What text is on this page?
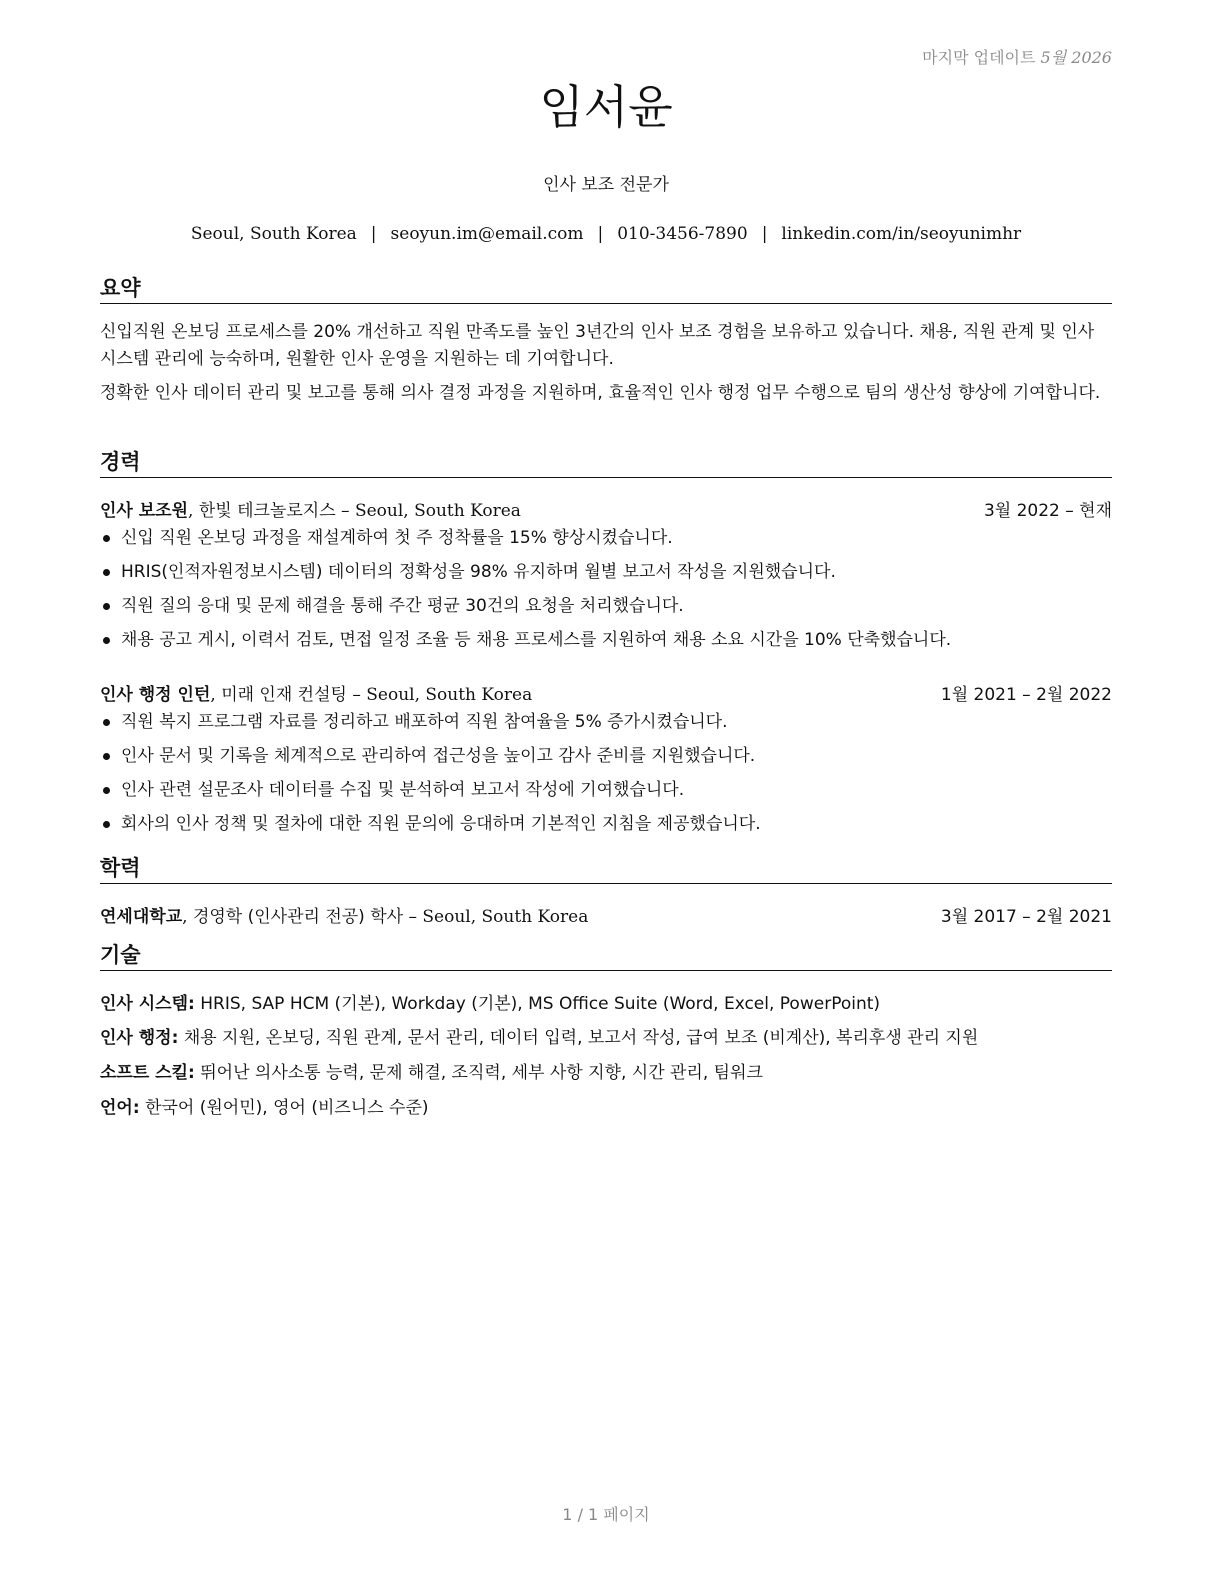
마지막 업데이트 5월 2026
임서윤
인사 보조 전문가
Seoul, South Korea | seoyun.im@email.com | 010-3456-7890 | linkedin.com/in/seoyunimhr
요약
신입직원 온보딩 프로세스를 20% 개선하고 직원 만족도를 높인 3년간의 인사 보조 경험을 보유하고 있습니다. 채용, 직원 관계 및 인사 시스템 관리에 능숙하며, 원활한 인사 운영을 지원하는 데 기여합니다.
정확한 인사 데이터 관리 및 보고를 통해 의사 결정 과정을 지원하며, 효율적인 인사 행정 업무 수행으로 팀의 생산성 향상에 기여합니다.
경력
인사 보조원, 한빛 테크놀로지스 – Seoul, South Korea	3월 2022 – 현재
신입 직원 온보딩 과정을 재설계하여 첫 주 정착률을 15% 향상시켰습니다.
HRIS(인적자원정보시스템) 데이터의 정확성을 98% 유지하며 월별 보고서 작성을 지원했습니다.
직원 질의 응대 및 문제 해결을 통해 주간 평균 30건의 요청을 처리했습니다.
채용 공고 게시, 이력서 검토, 면접 일정 조율 등 채용 프로세스를 지원하여 채용 소요 시간을 10% 단축했습니다.
인사 행정 인턴, 미래 인재 컨설팅 – Seoul, South Korea	1월 2021 – 2월 2022
직원 복지 프로그램 자료를 정리하고 배포하여 직원 참여율을 5% 증가시켰습니다.
인사 문서 및 기록을 체계적으로 관리하여 접근성을 높이고 감사 준비를 지원했습니다.
인사 관련 설문조사 데이터를 수집 및 분석하여 보고서 작성에 기여했습니다.
회사의 인사 정책 및 절차에 대한 직원 문의에 응대하며 기본적인 지침을 제공했습니다.
학력
연세대학교, 경영학 (인사관리 전공) 학사 – Seoul, South Korea	3월 2017 – 2월 2021
기술
인사 시스템: HRIS, SAP HCM (기본), Workday (기본), MS Office Suite (Word, Excel, PowerPoint)
인사 행정: 채용 지원, 온보딩, 직원 관계, 문서 관리, 데이터 입력, 보고서 작성, 급여 보조 (비계산), 복리후생 관리 지원
소프트 스킬: 뛰어난 의사소통 능력, 문제 해결, 조직력, 세부 사항 지향, 시간 관리, 팀워크
언어: 한국어 (원어민), 영어 (비즈니스 수준)
1 / 1 페이지
